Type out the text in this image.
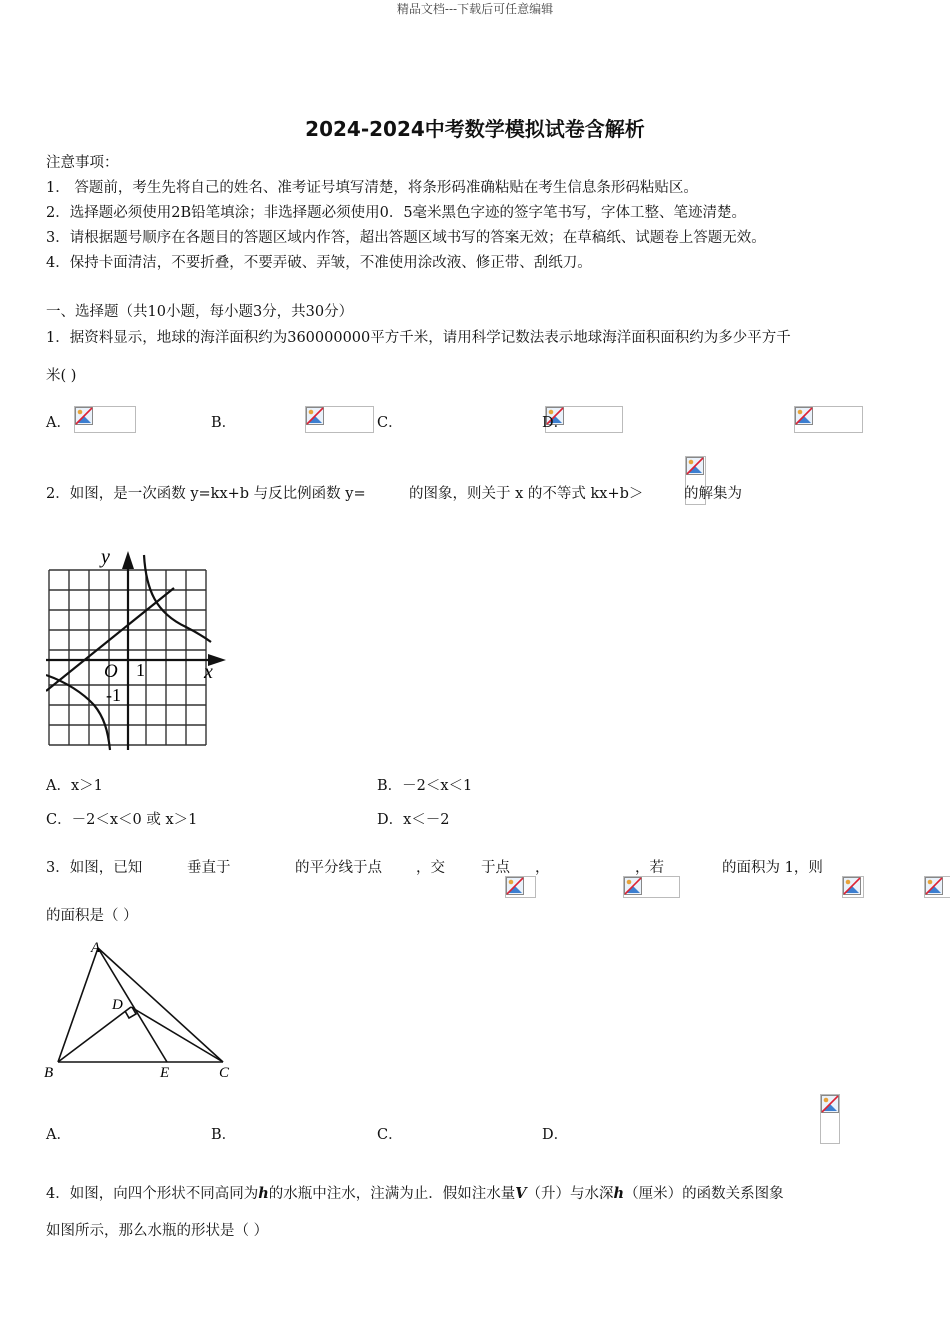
精品文档---下载后可任意编辑
2024-2024中考数学模拟试卷含解析
注意事项：
1． 答题前，考生先将自己的姓名、准考证号填写清楚，将条形码准确粘贴在考生信息条形码粘贴区。
2．选择题必须使用2B铅笔填涂；非选择题必须使用0．5毫米黑色字迹的签字笔书写，字体工整、笔迹清楚。
3．请根据题号顺序在各题目的答题区域内作答，超出答题区域书写的答案无效；在草稿纸、试题卷上答题无效。
4．保持卡面清洁，不要折叠，不要弄破、弄皱，不准使用涂改液、修正带、刮纸刀。
一、选择题（共10小题，每小题3分，共30分）
1．据资料显示，地球的海洋面积约为360000000平方千米，请用科学记数法表示地球海洋面积面积约为多少平方千
米( )
A．
	B．
	C．
	D．

2．如图，是一次函数 y=kx+b 与反比例函数 y=
	的图象，则关于 x 的不等式 kx+b＞
	的解集为
y
x
O 1
-1
A．x＞1	B．－2＜x＜1
C．－2＜x＜0 或 x＞1	D．x＜－2
3．如图，已知
	垂直于
	的平分线于点
，交
于点
，
	，若
	的面积为 1，则

的面积是（ ）
A
D
B	E	C
A．
	B．
	C．
	D．
4．如图，向四个形状不同高同为h的水瓶中注水，注满为止．假如注水量V（升）与水深h（厘米）的函数关系图象
如图所示，那么水瓶的形状是（ ）
